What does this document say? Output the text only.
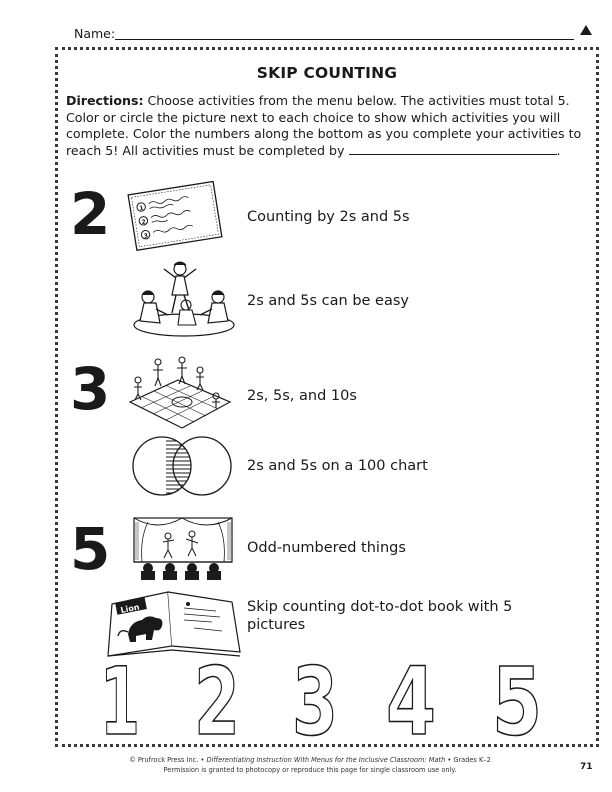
Name:
SKIP COUNTING
Directions: Choose activities from the menu below. The activities must total 5. Color or circle the picture next to each choice to show which activities you will complete. Color the numbers along the bottom as you complete your activities to reach 5! All activities must be completed by	.
2	1
2
3
Counting by 2s and 5s
2s and 5s can be easy
3	2s, 5s, and 10s
2s and 5s on a 100 chart
5	Odd-numbered things
Lion	Skip counting dot-to-dot book with 5 pictures
1 2 3 4 5
© Prufrock Press Inc. • Differentiating Instruction With Menus for the Inclusive Classroom: Math • Grades K–2
Permission is granted to photocopy or reproduce this page for single classroom use only.	71
